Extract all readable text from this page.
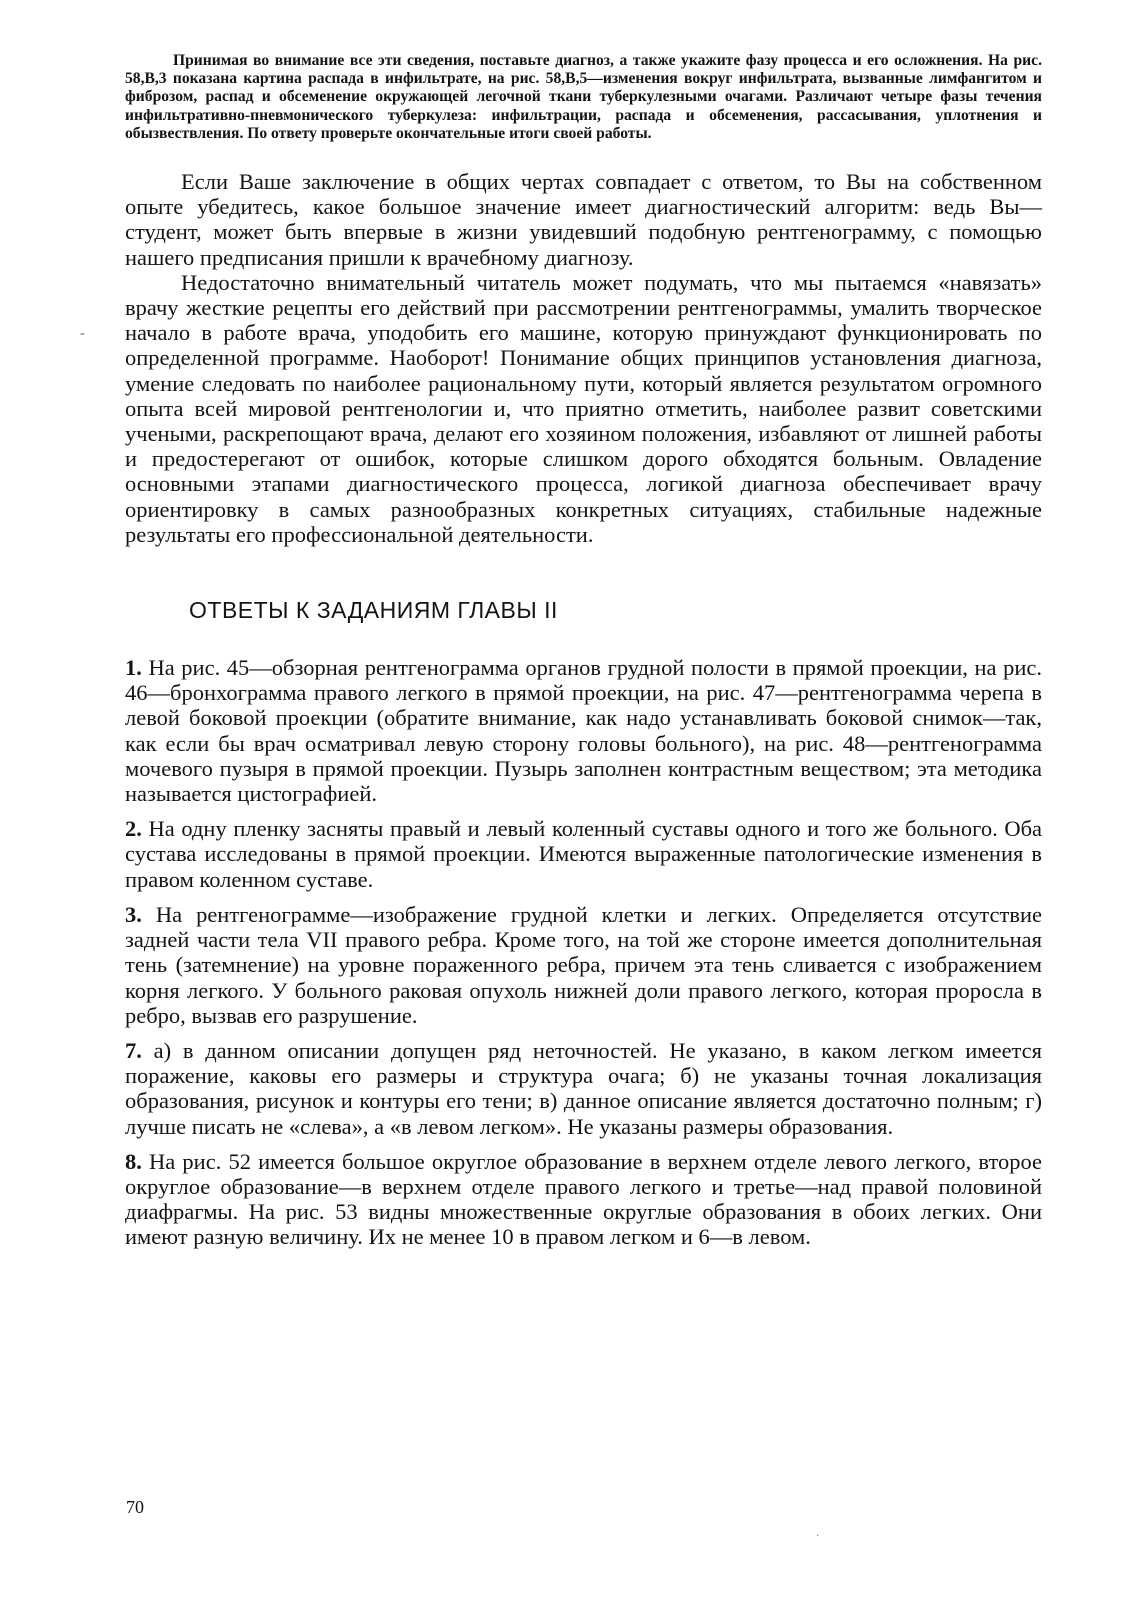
Принимая во внимание все эти сведения, поставьте диагноз, а также укажите фазу процесса и его осложнения. На рис. 58,В,3 показана картина распада в инфильтрате, на рис. 58,В,5—изменения вокруг инфильтрата, вызванные лимфангитом и фиброзом, распад и обсеменение окружающей легочной ткани туберкулезными очагами. Различают четыре фазы течения инфильтративно-пневмонического туберкулеза: инфильтрации, распада и обсеменения, рассасывания, уплотнения и обызвествления. По ответу проверьте окончательные итоги своей работы.

Если Ваше заключение в общих чертах совпадает с ответом, то Вы на собственном опыте убедитесь, какое большое значение имеет диагностический алгоритм: ведь Вы—студент, может быть впервые в жизни увидевший подобную рентгенограмму, с помощью нашего предписания пришли к врачебному диагнозу.

Недостаточно внимательный читатель может подумать, что мы пытаемся «навязать» врачу жесткие рецепты его действий при рассмотрении рентгенограммы, умалить творческое начало в работе врача, уподобить его машине, которую принуждают функционировать по определенной программе. Наоборот! Понимание общих принципов установления диагноза, умение следовать по наиболее рациональному пути, который является результатом огромного опыта всей мировой рентгенологии и, что приятно отметить, наиболее развит советскими учеными, раскрепощают врача, делают его хозяином положения, избавляют от лишней работы и предостерегают от ошибок, которые слишком дорого обходятся больным. Овладение основными этапами диагностического процесса, логикой диагноза обеспечивает врачу ориентировку в самых разнообразных конкретных ситуациях, стабильные надежные результаты его профессиональной деятельности.

ОТВЕТЫ К ЗАДАНИЯМ ГЛАВЫ II

1. На рис. 45—обзорная рентгенограмма органов грудной полости в прямой проекции, на рис. 46—бронхограмма правого легкого в прямой проекции, на рис. 47—рентгенограмма черепа в левой боковой проекции (обратите внимание, как надо устанавливать боковой снимок—так, как если бы врач осматривал левую сторону головы больного), на рис. 48—рентгенограмма мочевого пузыря в прямой проекции. Пузырь заполнен контрастным веществом; эта методика называется цистографией.

2. На одну пленку засняты правый и левый коленный суставы одного и того же больного. Оба сустава исследованы в прямой проекции. Имеются выраженные патологические изменения в правом коленном суставе.

3. На рентгенограмме—изображение грудной клетки и легких. Определяется отсутствие задней части тела VII правого ребра. Кроме того, на той же стороне имеется дополнительная тень (затемнение) на уровне пораженного ребра, причем эта тень сливается с изображением корня легкого. У больного раковая опухоль нижней доли правого легкого, которая проросла в ребро, вызвав его разрушение.

7. а) в данном описании допущен ряд неточностей. Не указано, в каком легком имеется поражение, каковы его размеры и структура очага; б) не указаны точная локализация образования, рисунок и контуры его тени; в) данное описание является достаточно полным; г) лучше писать не «слева», а «в левом легком». Не указаны размеры образования.

8. На рис. 52 имеется большое округлое образование в верхнем отделе левого легкого, второе округлое образование—в верхнем отделе правого легкого и третье—над правой половиной диафрагмы. На рис. 53 видны множественные округлые образования в обоих легких. Они имеют разную величину. Их не менее 10 в правом легком и 6—в левом.

70
-
·
